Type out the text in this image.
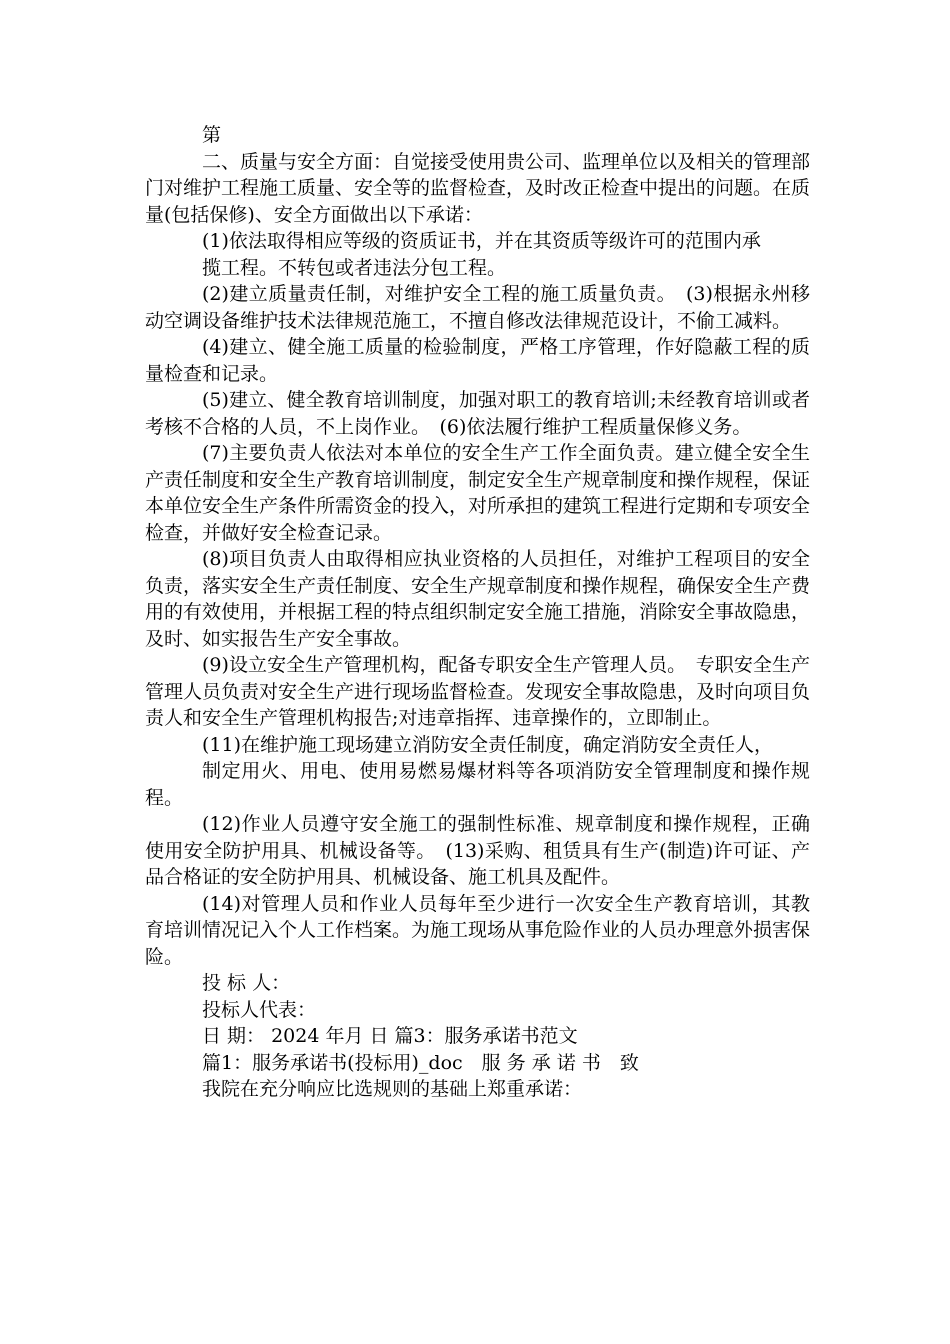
第

二、质量与安全方面：自觉接受使用贵公司、监理单位以及相关的管理部门对维护工程施工质量、安全等的监督检查，及时改正检查中提出的问题。在质量(包括保修)、安全方面做出以下承诺：

(1)依法取得相应等级的资质证书，并在其资质等级许可的范围内承

揽工程。不转包或者违法分包工程。

(2)建立质量责任制，对维护安全工程的施工质量负责。　(3)根据永州移动空调设备维护技术法律规范施工，不擅自修改法律规范设计，不偷工减料。

(4)建立、健全施工质量的检验制度，严格工序管理，作好隐蔽工程的质量检查和记录。

(5)建立、健全教育培训制度，加强对职工的教育培训;未经教育培训或者考核不合格的人员，不上岗作业。　(6)依法履行维护工程质量保修义务。

(7)主要负责人依法对本单位的安全生产工作全面负责。建立健全安全生产责任制度和安全生产教育培训制度，制定安全生产规章制度和操作规程，保证本单位安全生产条件所需资金的投入，对所承担的建筑工程进行定期和专项安全检查，并做好安全检查记录。

(8)项目负责人由取得相应执业资格的人员担任，对维护工程项目的安全负责，落实安全生产责任制度、安全生产规章制度和操作规程，确保安全生产费用的有效使用，并根据工程的特点组织制定安全施工措施，消除安全事故隐患，及时、如实报告生产安全事故。

(9)设立安全生产管理机构，配备专职安全生产管理人员。　专职安全生产管理人员负责对安全生产进行现场监督检查。发现安全事故隐患，及时向项目负责人和安全生产管理机构报告;对违章指挥、违章操作的，立即制止。

(11)在维护施工现场建立消防安全责任制度，确定消防安全责任人，

制定用火、用电、使用易燃易爆材料等各项消防安全管理制度和操作规程。

(12)作业人员遵守安全施工的强制性标准、规章制度和操作规程，正确使用安全防护用具、机械设备等。　(13)采购、租赁具有生产(制造)许可证、产品合格证的安全防护用具、机械设备、施工机具及配件。

(14)对管理人员和作业人员每年至少进行一次安全生产教育培训，其教育培训情况记入个人工作档案。为施工现场从事危险作业的人员办理意外损害保险。

投 标 人：

投标人代表：

日 期： 2024 年月 日 篇3：服务承诺书范文

篇1：服务承诺书(投标用)_doc　服 务 承 诺 书　致

我院在充分响应比选规则的基础上郑重承诺：
